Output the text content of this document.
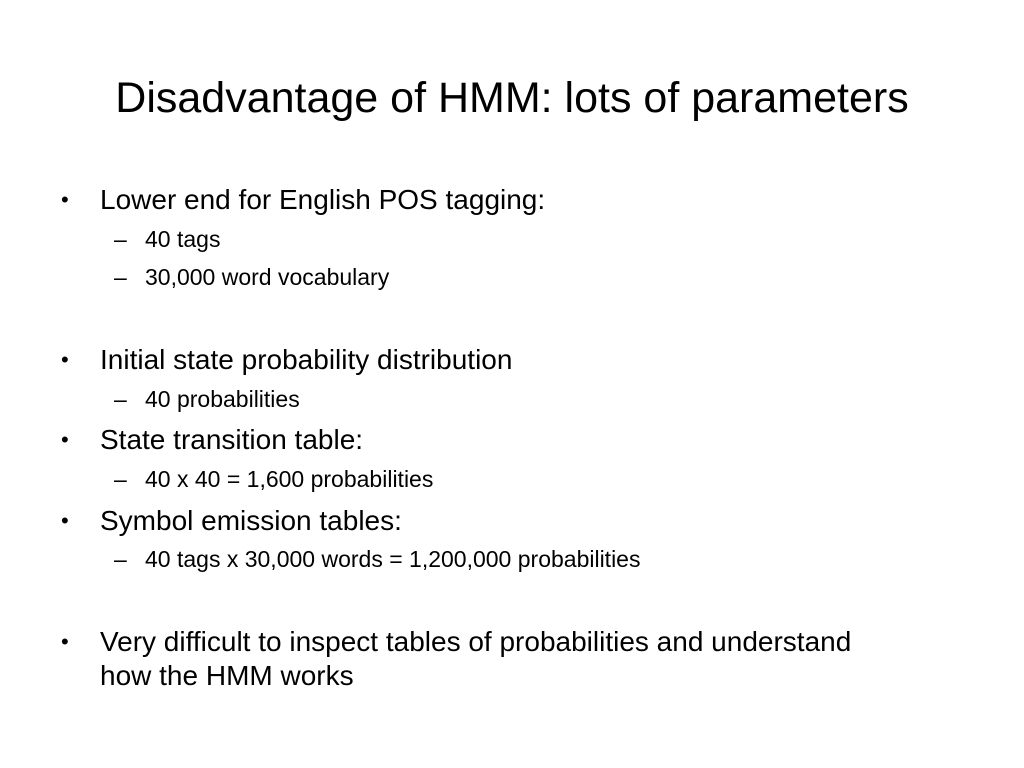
Disadvantage of HMM: lots of parameters
• Lower end for English POS tagging:
– 40 tags
– 30,000 word vocabulary
• Initial state probability distribution
– 40 probabilities
• State transition table:
– 40 x 40 = 1,600 probabilities
• Symbol emission tables:
– 40 tags x 30,000 words = 1,200,000 probabilities
• Very difficult to inspect tables of probabilities and understand how the HMM works
